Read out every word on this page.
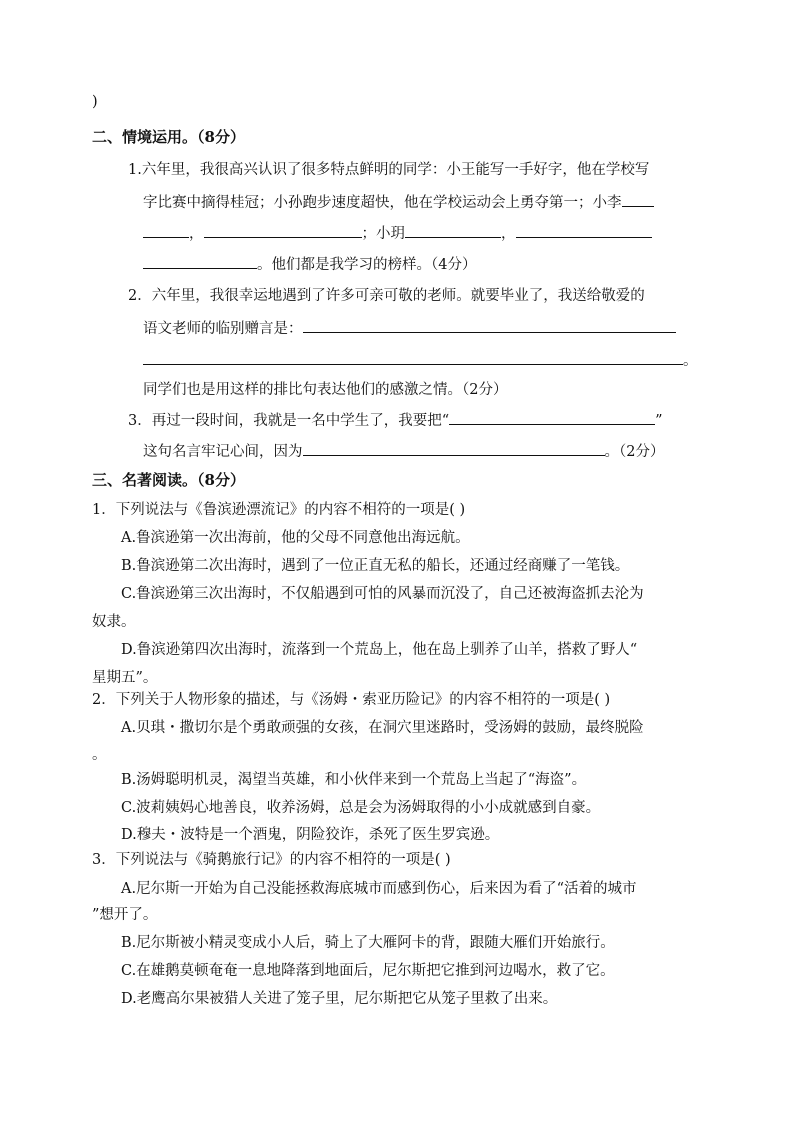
)
二、情境运用。（8分）
1.六年里，我很高兴认识了很多特点鲜明的同学：小王能写一手好字，他在学校写
字比赛中摘得桂冠；小孙跑步速度超快，他在学校运动会上勇夺第一；小李
，	；小玥	，
。他们都是我学习的榜样。（4分）
2．六年里，我很幸运地遇到了许多可亲可敬的老师。就要毕业了，我送给敬爱的
语文老师的临别赠言是：
。
同学们也是用这样的排比句表达他们的感激之情。（2分）
3．再过一段时间，我就是一名中学生了，我要把“	”
这句名言牢记心间，因为	。（2分）
三、名著阅读。（8分）
1．下列说法与《鲁滨逊漂流记》的内容不相符的一项是( )
A.鲁滨逊第一次出海前，他的父母不同意他出海远航。
B.鲁滨逊第二次出海时，遇到了一位正直无私的船长，还通过经商赚了一笔钱。
C.鲁滨逊第三次出海时，不仅船遇到可怕的风暴而沉没了，自己还被海盗抓去沦为
奴隶。
D.鲁滨逊第四次出海时，流落到一个荒岛上，他在岛上驯养了山羊，搭救了野人“
星期五”。
2．下列关于人物形象的描述，与《汤姆・索亚历险记》的内容不相符的一项是( )
A.贝琪・撒切尔是个勇敢顽强的女孩，在洞穴里迷路时，受汤姆的鼓励，最终脱险
。
B.汤姆聪明机灵，渴望当英雄，和小伙伴来到一个荒岛上当起了“海盗”。
C.波莉姨妈心地善良，收养汤姆，总是会为汤姆取得的小小成就感到自豪。
D.穆夫・波特是一个酒鬼，阴险狡诈，杀死了医生罗宾逊。
3．下列说法与《骑鹅旅行记》的内容不相符的一项是( )
A.尼尔斯一开始为自己没能拯救海底城市而感到伤心，后来因为看了“活着的城市
”想开了。
B.尼尔斯被小精灵变成小人后，骑上了大雁阿卡的背，跟随大雁们开始旅行。
C.在雄鹅莫顿奄奄一息地降落到地面后，尼尔斯把它推到河边喝水，救了它。
D.老鹰高尔果被猎人关进了笼子里，尼尔斯把它从笼子里救了出来。
